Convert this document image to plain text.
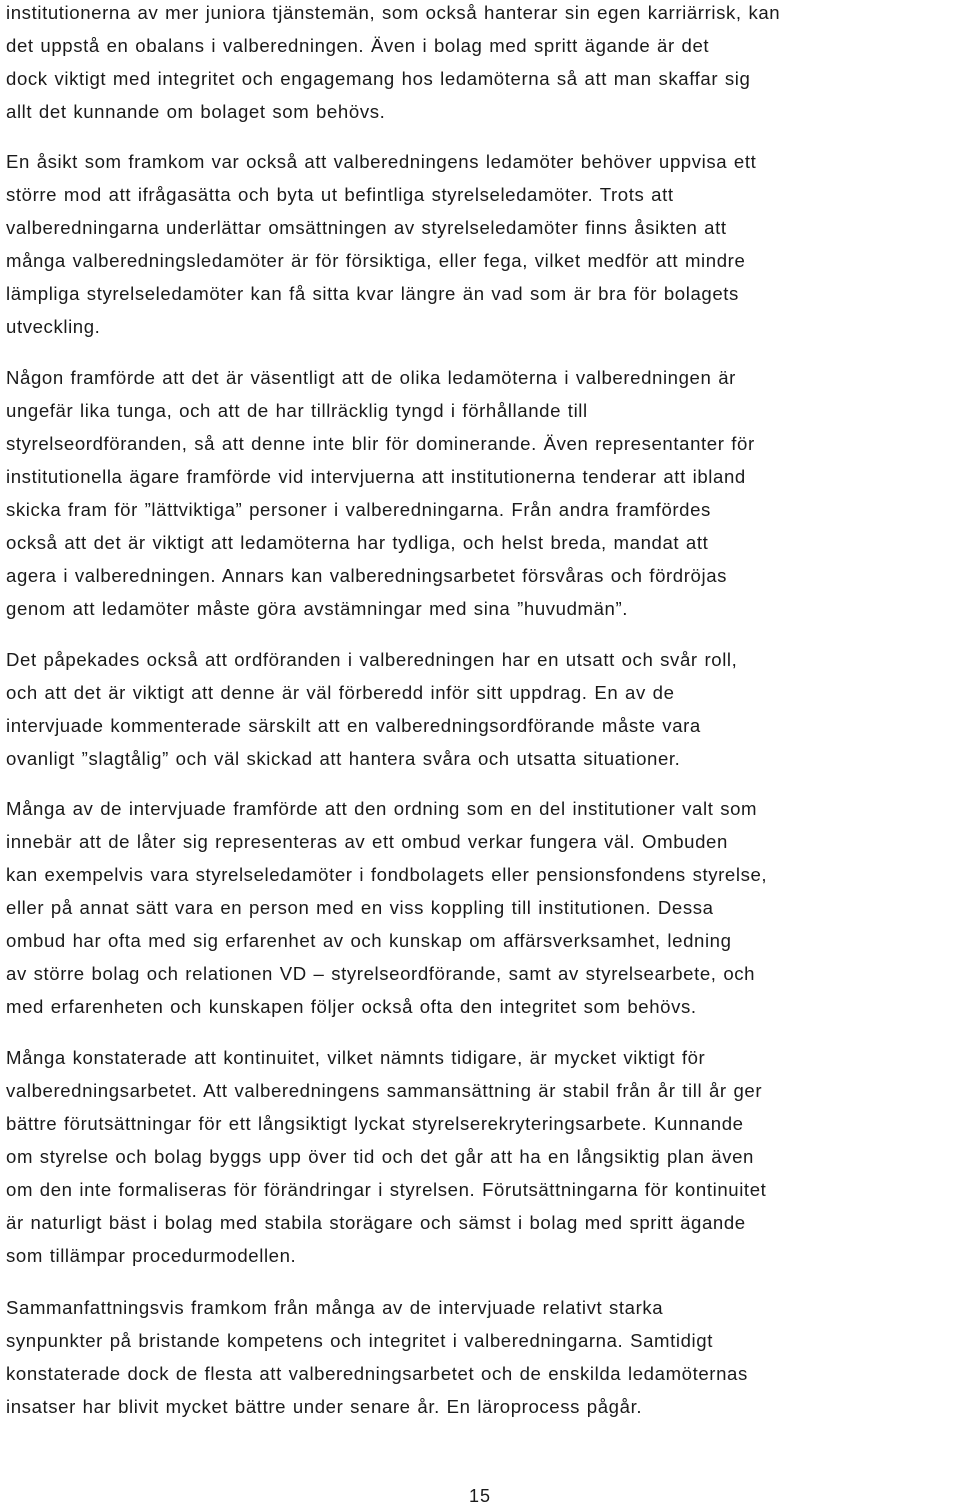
institutionerna av mer juniora tjänstemän, som också hanterar sin egen karriärrisk, kan
det uppstå en obalans i valberedningen. Även i bolag med spritt ägande är det
dock viktigt med integritet och engagemang hos ledamöterna så att man skaffar sig
allt det kunnande om bolaget som behövs.

En åsikt som framkom var också att valberedningens ledamöter behöver uppvisa ett
större mod att ifrågasätta och byta ut befintliga styrelseledamöter. Trots att
valberedningarna underlättar omsättningen av styrelseledamöter finns åsikten att
många valberedningsledamöter är för försiktiga, eller fega, vilket medför att mindre
lämpliga styrelseledamöter kan få sitta kvar längre än vad som är bra för bolagets
utveckling.

Någon framförde att det är väsentligt att de olika ledamöterna i valberedningen är
ungefär lika tunga, och att de har tillräcklig tyngd i förhållande till
styrelseordföranden, så att denne inte blir för dominerande. Även representanter för
institutionella ägare framförde vid intervjuerna att institutionerna tenderar att ibland
skicka fram för ”lättviktiga” personer i valberedningarna. Från andra framfördes
också att det är viktigt att ledamöterna har tydliga, och helst breda, mandat att
agera i valberedningen. Annars kan valberedningsarbetet försvåras och fördröjas
genom att ledamöter måste göra avstämningar med sina ”huvudmän”.

Det påpekades också att ordföranden i valberedningen har en utsatt och svår roll,
och att det är viktigt att denne är väl förberedd inför sitt uppdrag. En av de
intervjuade kommenterade särskilt att en valberedningsordförande måste vara
ovanligt ”slagtålig” och väl skickad att hantera svåra och utsatta situationer.

Många av de intervjuade framförde att den ordning som en del institutioner valt som
innebär att de låter sig representeras av ett ombud verkar fungera väl. Ombuden
kan exempelvis vara styrelseledamöter i fondbolagets eller pensionsfondens styrelse,
eller på annat sätt vara en person med en viss koppling till institutionen. Dessa
ombud har ofta med sig erfarenhet av och kunskap om affärsverksamhet, ledning
av större bolag och relationen VD – styrelseordförande, samt av styrelsearbete, och
med erfarenheten och kunskapen följer också ofta den integritet som behövs.

Många konstaterade att kontinuitet, vilket nämnts tidigare, är mycket viktigt för
valberedningsarbetet. Att valberedningens sammansättning är stabil från år till år ger
bättre förutsättningar för ett långsiktigt lyckat styrelserekryteringsarbete. Kunnande
om styrelse och bolag byggs upp över tid och det går att ha en långsiktig plan även
om den inte formaliseras för förändringar i styrelsen. Förutsättningarna för kontinuitet
är naturligt bäst i bolag med stabila storägare och sämst i bolag med spritt ägande
som tillämpar procedurmodellen.

Sammanfattningsvis framkom från många av de intervjuade relativt starka
synpunkter på bristande kompetens och integritet i valberedningarna. Samtidigt
konstaterade dock de flesta att valberedningsarbetet och de enskilda ledamöternas
insatser har blivit mycket bättre under senare år. En läroprocess pågår.

15
